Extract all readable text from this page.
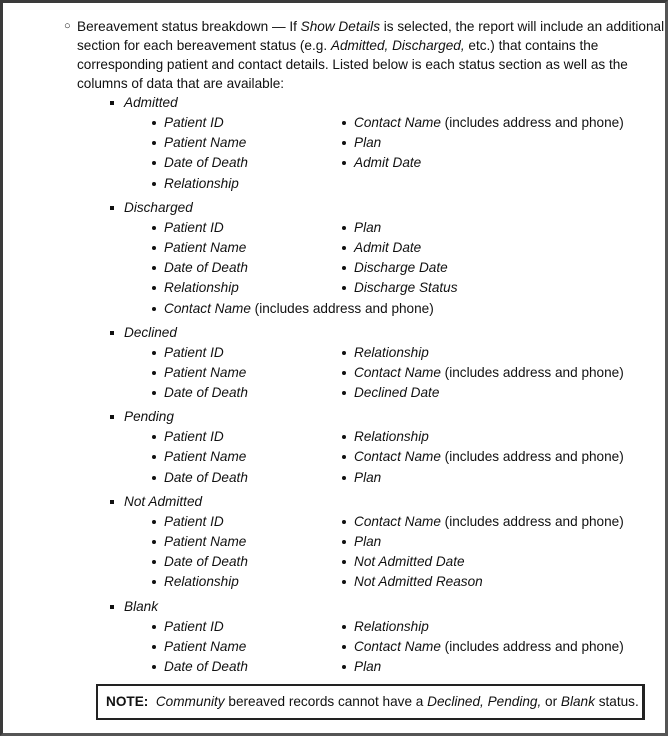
○ Bereavement status breakdown — If Show Details is selected, the report will include an additional section for each bereavement status (e.g. Admitted, Discharged, etc.) that contains the corresponding patient and contact details. Listed below is each status section as well as the columns of data that are available:
Admitted
Patient ID	Contact Name (includes address and phone)
Patient Name	Plan
Date of Death	Admit Date
Relationship
Discharged
Patient ID	Plan
Patient Name	Admit Date
Date of Death	Discharge Date
Relationship	Discharge Status
Contact Name (includes address and phone)
Declined
Patient ID	Relationship
Patient Name	Contact Name (includes address and phone)
Date of Death	Declined Date
Pending
Patient ID	Relationship
Patient Name	Contact Name (includes address and phone)
Date of Death	Plan
Not Admitted
Patient ID	Contact Name (includes address and phone)
Patient Name	Plan
Date of Death	Not Admitted Date
Relationship	Not Admitted Reason
Blank
Patient ID	Relationship
Patient Name	Contact Name (includes address and phone)
Date of Death	Plan
NOTE: Community bereaved records cannot have a Declined, Pending, or Blank status.
